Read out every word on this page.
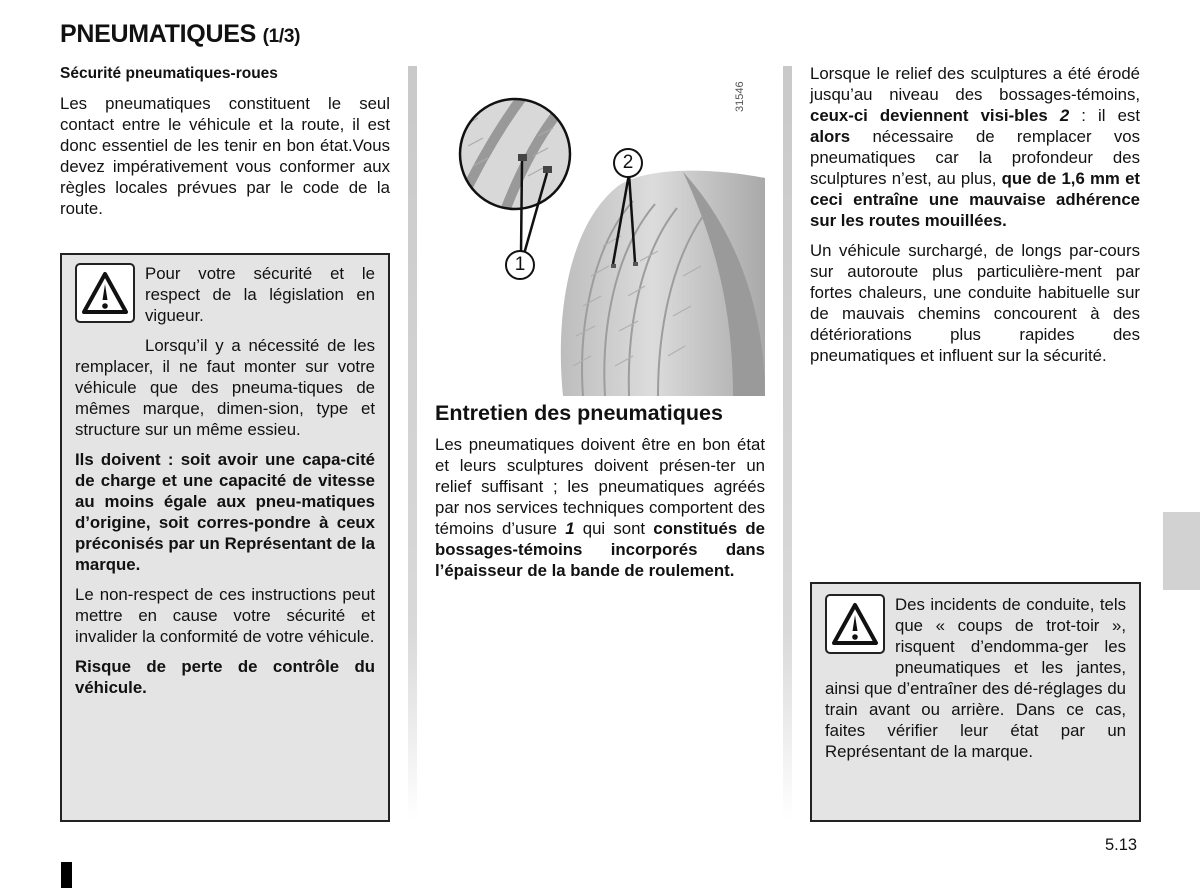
PNEUMATIQUES (1/3)
Sécurité pneumatiques-roues

Les pneumatiques constituent le seul contact entre le véhicule et la route, il est donc essentiel de les tenir en bon état.Vous devez impérativement vous conformer aux règles locales prévues par le code de la route.

Pour votre sécurité et le respect de la législation en vigueur.

Lorsqu’il y a nécessité de les remplacer, il ne faut monter sur votre véhicule que des pneuma-tiques de mêmes marque, dimen-sion, type et structure sur un même essieu.

Ils doivent : soit avoir une capa-cité de charge et une capacité de vitesse au moins égale aux pneu-matiques d’origine, soit corres-pondre à ceux préconisés par un Représentant de la marque.

Le non-respect de ces instructions peut mettre en cause votre sécurité et invalider la conformité de votre véhicule.

Risque de perte de contrôle du véhicule.

31546
1
2
Entretien des pneumatiques

Les pneumatiques doivent être en bon état et leurs sculptures doivent présen-ter un relief suffisant ; les pneumatiques agréés par nos services techniques comportent des témoins d’usure 1 qui sont constitués de bossages-témoins incorporés dans l’épaisseur de la bande de roulement.

Lorsque le relief des sculptures a été érodé jusqu’au niveau des bossages-témoins, ceux-ci deviennent visi-bles 2 : il est alors nécessaire de remplacer vos pneumatiques car la profondeur des sculptures n’est, au plus, que de 1,6 mm et ceci entraîne une mauvaise adhérence sur les routes mouillées.

Un véhicule surchargé, de longs par-cours sur autoroute plus particulière-ment par fortes chaleurs, une conduite habituelle sur de mauvais chemins concourent à des détériorations plus rapides des pneumatiques et influent sur la sécurité.

Des incidents de conduite, tels que « coups de trot-toir », risquent d’endomma-ger les pneumatiques et les jantes, ainsi que d’entraîner des dé-réglages du train avant ou arrière. Dans ce cas, faites vérifier leur état par un Représentant de la marque.

5.13
